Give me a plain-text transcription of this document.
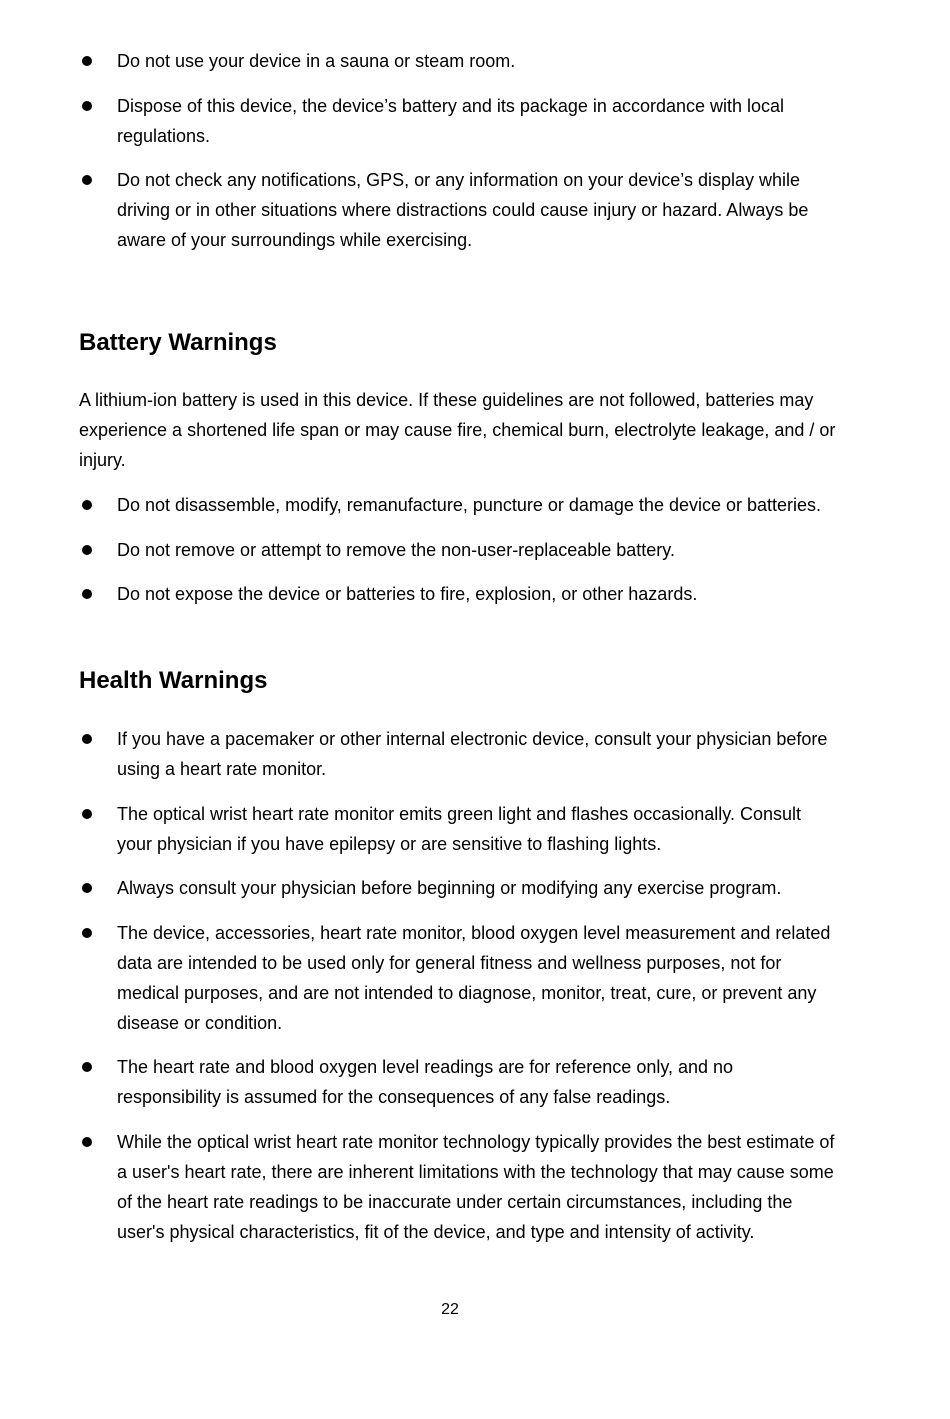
Do not use your device in a sauna or steam room.
Dispose of this device, the device’s battery and its package in accordance with local regulations.
Do not check any notifications, GPS, or any information on your device’s display while driving or in other situations where distractions could cause injury or hazard. Always be aware of your surroundings while exercising.
Battery Warnings

A lithium-ion battery is used in this device. If these guidelines are not followed, batteries may experience a shortened life span or may cause fire, chemical burn, electrolyte leakage, and / or injury.

Do not disassemble, modify, remanufacture, puncture or damage the device or batteries.
Do not remove or attempt to remove the non-user-replaceable battery.
Do not expose the device or batteries to fire, explosion, or other hazards.
Health Warnings
If you have a pacemaker or other internal electronic device, consult your physician before using a heart rate monitor.
The optical wrist heart rate monitor emits green light and flashes occasionally. Consult your physician if you have epilepsy or are sensitive to flashing lights.
Always consult your physician before beginning or modifying any exercise program.
The device, accessories, heart rate monitor, blood oxygen level measurement and related data are intended to be used only for general fitness and wellness purposes, not for medical purposes, and are not intended to diagnose, monitor, treat, cure, or prevent any disease or condition.
The heart rate and blood oxygen level readings are for reference only, and no responsibility is assumed for the consequences of any false readings.
While the optical wrist heart rate monitor technology typically provides the best estimate of a user's heart rate, there are inherent limitations with the technology that may cause some of the heart rate readings to be inaccurate under certain circumstances, including the user's physical characteristics, fit of the device, and type and intensity of activity.
22
